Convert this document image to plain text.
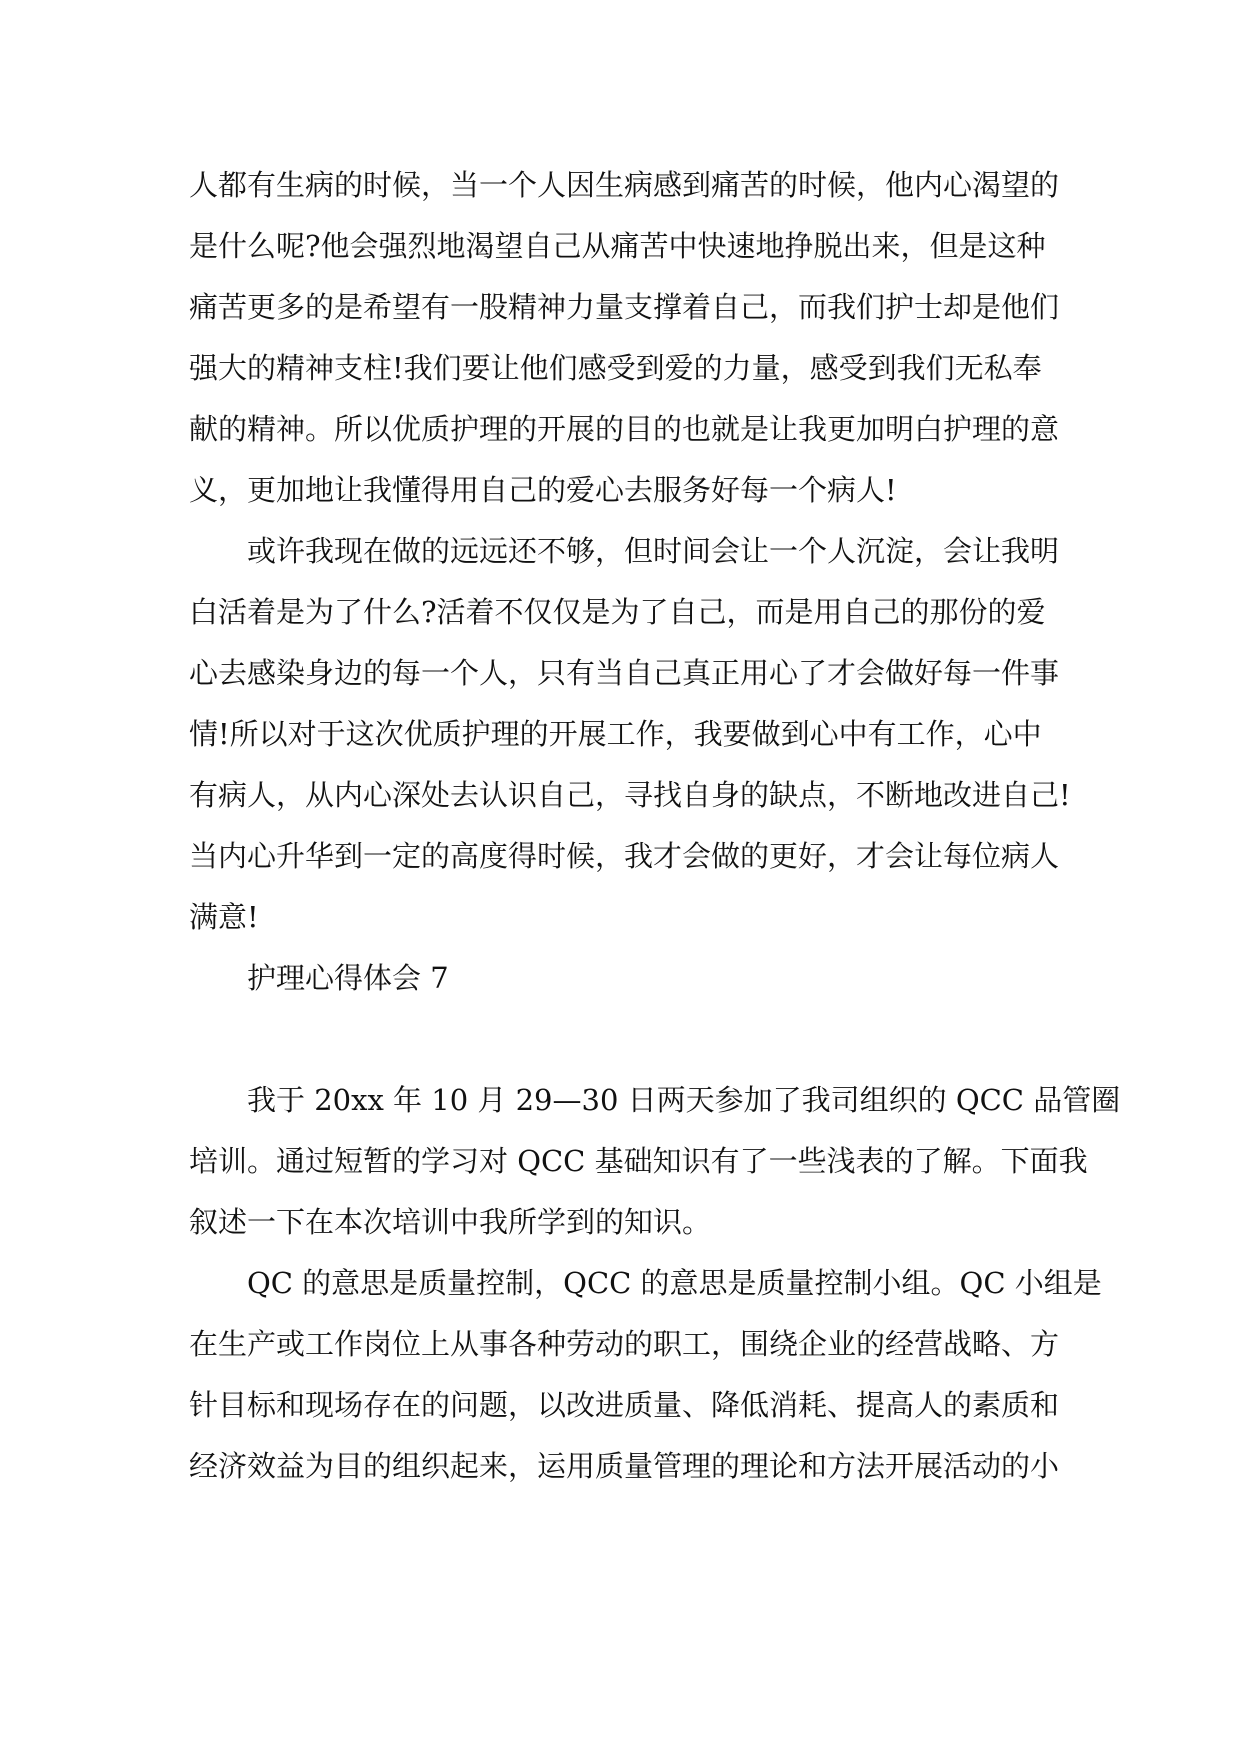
人都有生病的时候，当一个人因生病感到痛苦的时候，他内心渴望的
是什么呢?他会强烈地渴望自己从痛苦中快速地挣脱出来，但是这种
痛苦更多的是希望有一股精神力量支撑着自己，而我们护士却是他们
强大的精神支柱!我们要让他们感受到爱的力量，感受到我们无私奉
献的精神。所以优质护理的开展的目的也就是让我更加明白护理的意
义，更加地让我懂得用自己的爱心去服务好每一个病人!
或许我现在做的远远还不够，但时间会让一个人沉淀，会让我明
白活着是为了什么?活着不仅仅是为了自己，而是用自己的那份的爱
心去感染身边的每一个人，只有当自己真正用心了才会做好每一件事
情!所以对于这次优质护理的开展工作，我要做到心中有工作，心中
有病人，从内心深处去认识自己，寻找自身的缺点，不断地改进自己!
当内心升华到一定的高度得时候，我才会做的更好，才会让每位病人
满意!
护理心得体会 7
我于 20xx 年 10 月 29—30 日两天参加了我司组织的 QCC 品管圈
培训。通过短暂的学习对 QCC 基础知识有了一些浅表的了解。下面我
叙述一下在本次培训中我所学到的知识。
QC 的意思是质量控制，QCC 的意思是质量控制小组。QC 小组是
在生产或工作岗位上从事各种劳动的职工，围绕企业的经营战略、方
针目标和现场存在的问题，以改进质量、降低消耗、提高人的素质和
经济效益为目的组织起来，运用质量管理的理论和方法开展活动的小
